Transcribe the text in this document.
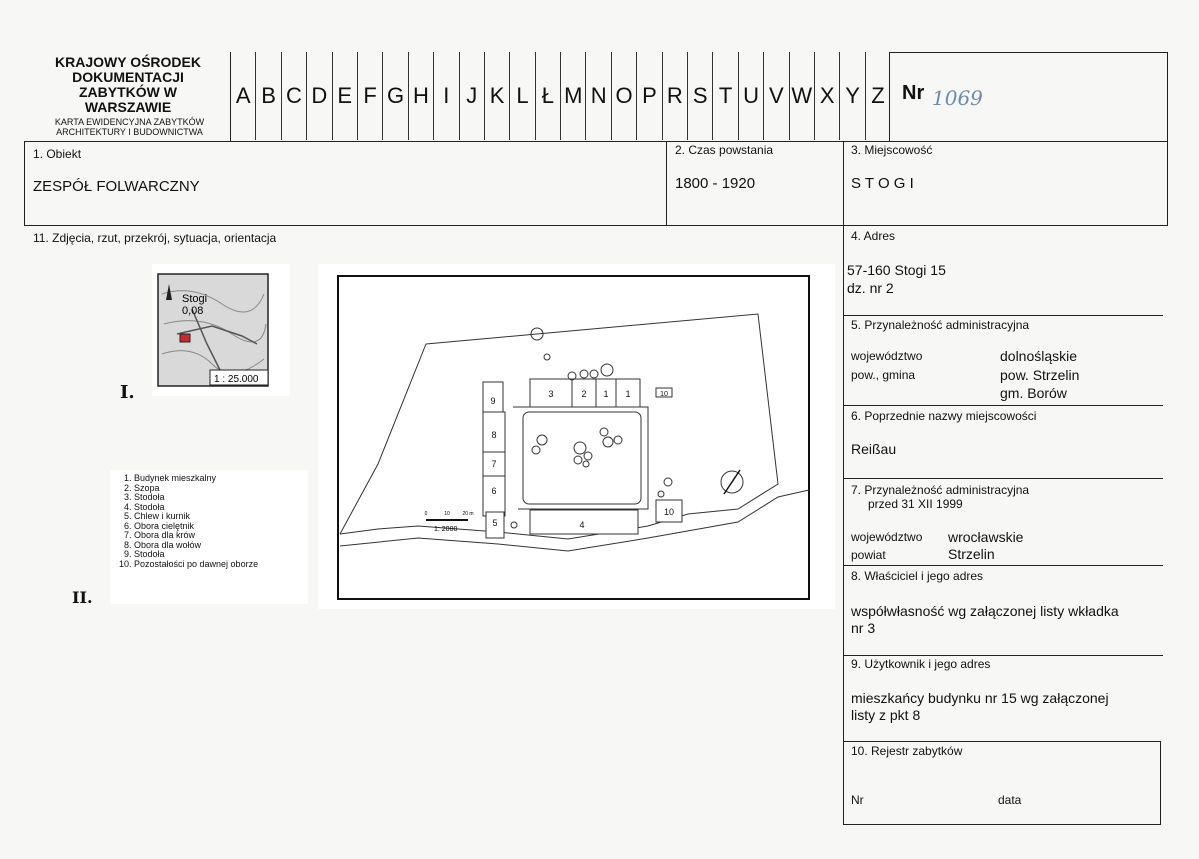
KRAJOWY OŚRODEK
DOKUMENTACJI
ZABYTKÓW W
WARSZAWIE
KARTA EWIDENCYJNA ZABYTKÓW
ARCHITEKTURY I BUDOWNICTWA
A B C D E F G H I J K L Ł M N O P R S T U V W X Y Z Nr 1069
1. Obiekt
ZESPÓŁ FOLWARCZNY
2. Czas powstania
1800 - 1920
3. Miejscowość
S T O G I
11. Zdjęcia, rzut, przekrój, sytuacja, orientacja
Stogi
0,08
1 : 25.000
I.
1. Budynek mieszkalny
2. Szopa
3. Stodoła
4. Stodoła
5. Chlew i kurnik
6. Obora cielętnik
7. Obora dla krów
8. Obora dla wołów
9. Stodoła
10. Pozostałości po dawnej oborze
II.
3	2 1 1
9
8
7
6
5	4
10
10
0	10	20 m
1: 2000
4. Adres
57-160 Stogi 15
dz. nr 2
5. Przynależność administracyjna
województwo	dolnośląskie
pow., gmina	pow. Strzelin
gm. Borów
6. Poprzednie nazwy miejscowości
Reißau
7. Przynależność administracyjna
przed 31 XII 1999
województwo wrocławskie
powiat	Strzelin
8. Właściciel i jego adres
współwłasność wg załączonej listy wkładka
nr 3
9. Użytkownik i jego adres
mieszkańcy budynku nr 15 wg załączonej
listy z pkt 8
10. Rejestr zabytków
Nr	data
